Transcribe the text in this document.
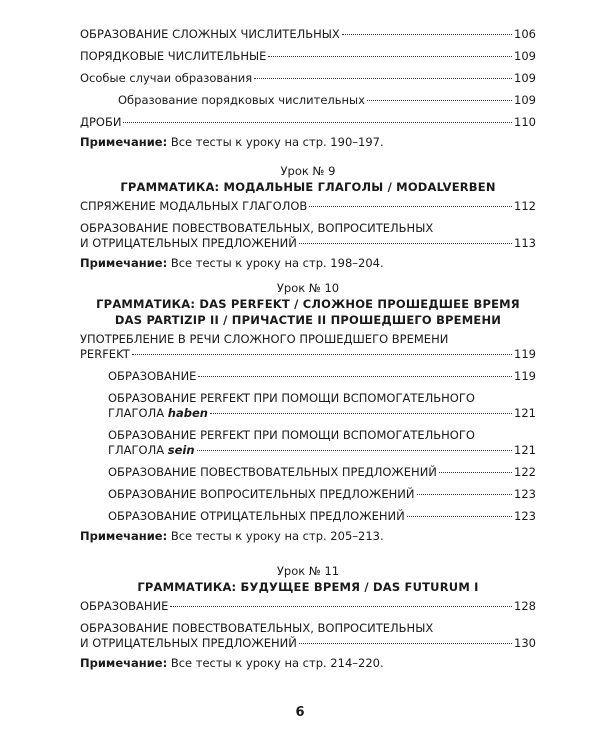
ОБРАЗОВАНИЕ СЛОЖНЫХ ЧИСЛИТЕЛЬНЫХ	106
ПОРЯДКОВЫЕ ЧИСЛИТЕЛЬНЫЕ	109
Особые случаи образования	109
Образование порядковых числительных	109
ДРОБИ	110
Примечание: Все тесты к уроку на стр. 190–197.
Урок № 9
ГРАММАТИКА: МОДАЛЬНЫЕ ГЛАГОЛЫ / MODALVERBEN
СПРЯЖЕНИЕ МОДАЛЬНЫХ ГЛАГОЛОВ	112
ОБРАЗОВАНИЕ ПОВЕСТВОВАТЕЛЬНЫХ, ВОПРОСИТЕЛЬНЫХ
И ОТРИЦАТЕЛЬНЫХ ПРЕДЛОЖЕНИЙ	113
Примечание: Все тесты к уроку на стр. 198–204.
Урок № 10
ГРАММАТИКА: DAS PERFEKT / СЛОЖНОЕ ПРОШЕДШЕЕ ВРЕМЯ
DAS PARTIZIP II / ПРИЧАСТИЕ II ПРОШЕДШЕГО ВРЕМЕНИ
УПОТРЕБЛЕНИЕ В РЕЧИ СЛОЖНОГО ПРОШЕДШЕГО ВРЕМЕНИ
PERFEKT	119
ОБРАЗОВАНИЕ	119
ОБРАЗОВАНИЕ PERFEKT ПРИ ПОМОЩИ ВСПОМОГАТЕЛЬНОГО
ГЛАГОЛА haben	121
ОБРАЗОВАНИЕ PERFEKT ПРИ ПОМОЩИ ВСПОМОГАТЕЛЬНОГО
ГЛАГОЛА sein	121
ОБРАЗОВАНИЕ ПОВЕСТВОВАТЕЛЬНЫХ ПРЕДЛОЖЕНИЙ	122
ОБРАЗОВАНИЕ ВОПРОСИТЕЛЬНЫХ ПРЕДЛОЖЕНИЙ	123
ОБРАЗОВАНИЕ ОТРИЦАТЕЛЬНЫХ ПРЕДЛОЖЕНИЙ	123
Примечание: Все тесты к уроку на стр. 205–213.
Урок № 11
ГРАММАТИКА: БУДУЩЕЕ ВРЕМЯ / DAS FUTURUM I
ОБРАЗОВАНИЕ	128
ОБРАЗОВАНИЕ ПОВЕСТВОВАТЕЛЬНЫХ, ВОПРОСИТЕЛЬНЫХ
И ОТРИЦАТЕЛЬНЫХ ПРЕДЛОЖЕНИЙ	130
Примечание: Все тесты к уроку на стр. 214–220.
6
